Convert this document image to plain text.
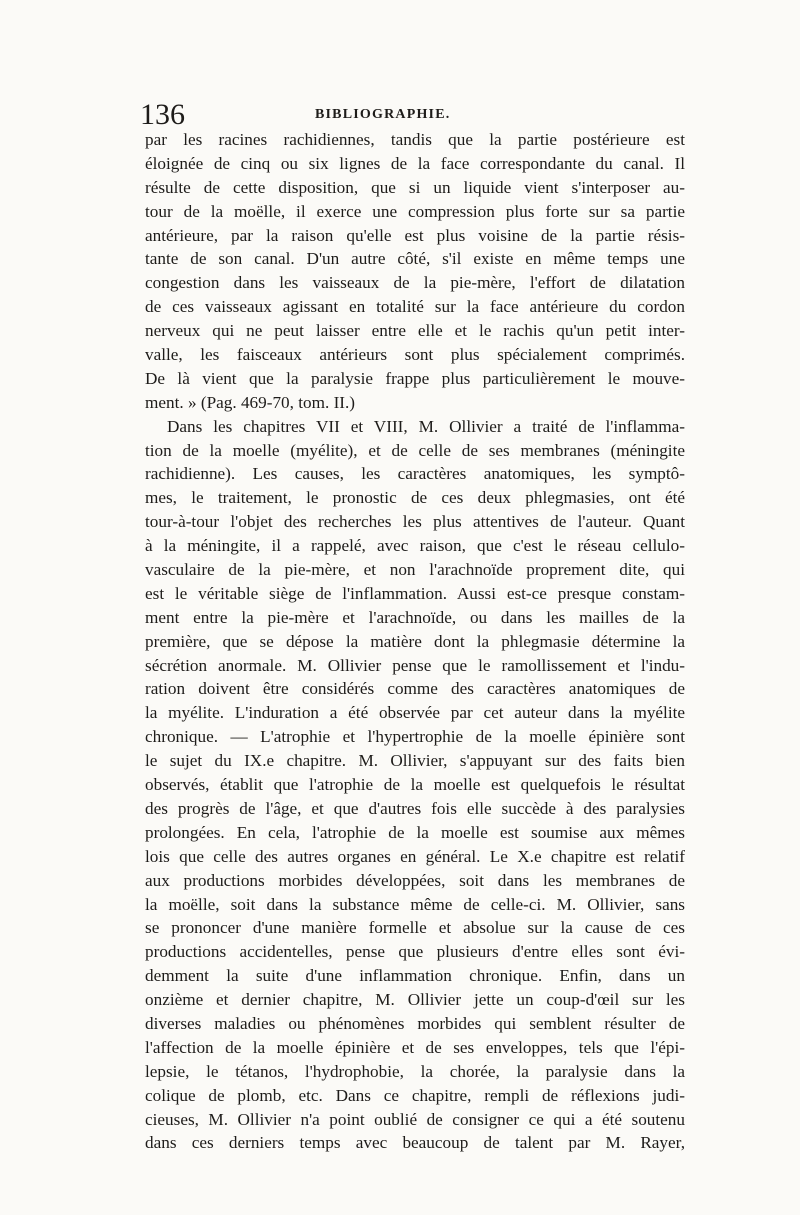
136	BIBLIOGRAPHIE.
par les racines rachidiennes, tandis que la partie postérieure est
éloignée de cinq ou six lignes de la face correspondante du canal. Il
résulte de cette disposition, que si un liquide vient s'interposer au-
tour de la moëlle, il exerce une compression plus forte sur sa partie
antérieure, par la raison qu'elle est plus voisine de la partie résis-
tante de son canal. D'un autre côté, s'il existe en même temps une
congestion dans les vaisseaux de la pie-mère, l'effort de dilatation
de ces vaisseaux agissant en totalité sur la face antérieure du cordon
nerveux qui ne peut laisser entre elle et le rachis qu'un petit inter-
valle, les faisceaux antérieurs sont plus spécialement comprimés.
De là vient que la paralysie frappe plus particulièrement le mouve-
ment. » (Pag. 469-70, tom. II.)
Dans les chapitres VII et VIII, M. Ollivier a traité de l'inflamma-
tion de la moelle (myélite), et de celle de ses membranes (méningite
rachidienne). Les causes, les caractères anatomiques, les symptô-
mes, le traitement, le pronostic de ces deux phlegmasies, ont été
tour-à-tour l'objet des recherches les plus attentives de l'auteur. Quant
à la méningite, il a rappelé, avec raison, que c'est le réseau cellulo-
vasculaire de la pie-mère, et non l'arachnoïde proprement dite, qui
est le véritable siège de l'inflammation. Aussi est-ce presque constam-
ment entre la pie-mère et l'arachnoïde, ou dans les mailles de la
première, que se dépose la matière dont la phlegmasie détermine la
sécrétion anormale. M. Ollivier pense que le ramollissement et l'indu-
ration doivent être considérés comme des caractères anatomiques de
la myélite. L'induration a été observée par cet auteur dans la myélite
chronique. — L'atrophie et l'hypertrophie de la moelle épinière sont
le sujet du IX.e chapitre. M. Ollivier, s'appuyant sur des faits bien
observés, établit que l'atrophie de la moelle est quelquefois le résultat
des progrès de l'âge, et que d'autres fois elle succède à des paralysies
prolongées. En cela, l'atrophie de la moelle est soumise aux mêmes
lois que celle des autres organes en général. Le X.e chapitre est relatif
aux productions morbides développées, soit dans les membranes de
la moëlle, soit dans la substance même de celle-ci. M. Ollivier, sans
se prononcer d'une manière formelle et absolue sur la cause de ces
productions accidentelles, pense que plusieurs d'entre elles sont évi-
demment la suite d'une inflammation chronique. Enfin, dans un
onzième et dernier chapitre, M. Ollivier jette un coup-d'œil sur les
diverses maladies ou phénomènes morbides qui semblent résulter de
l'affection de la moelle épinière et de ses enveloppes, tels que l'épi-
lepsie, le tétanos, l'hydrophobie, la chorée, la paralysie dans la
colique de plomb, etc. Dans ce chapitre, rempli de réflexions judi-
cieuses, M. Ollivier n'a point oublié de consigner ce qui a été soutenu
dans ces derniers temps avec beaucoup de talent par M. Rayer,
